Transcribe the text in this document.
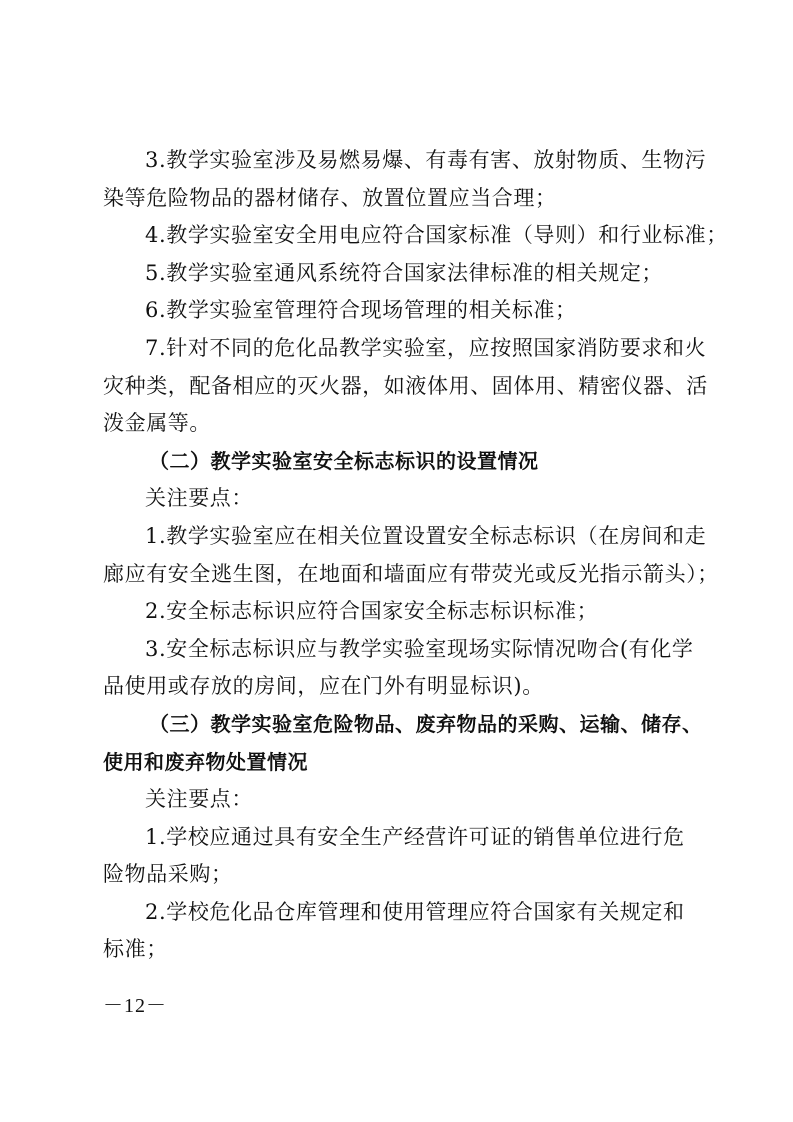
3.教学实验室涉及易燃易爆、有毒有害、放射物质、生物污
染等危险物品的器材储存、放置位置应当合理；
4.教学实验室安全用电应符合国家标准（导则）和行业标准；
5.教学实验室通风系统符合国家法律标准的相关规定；
6.教学实验室管理符合现场管理的相关标准；
7.针对不同的危化品教学实验室，应按照国家消防要求和火
灾种类，配备相应的灭火器，如液体用、固体用、精密仪器、活
泼金属等。
（二）教学实验室安全标志标识的设置情况
关注要点：
1.教学实验室应在相关位置设置安全标志标识（在房间和走
廊应有安全逃生图，在地面和墙面应有带荧光或反光指示箭头）；
2.安全标志标识应符合国家安全标志标识标准；
3.安全标志标识应与教学实验室现场实际情况吻合(有化学
品使用或存放的房间，应在门外有明显标识)。
（三）教学实验室危险物品、废弃物品的采购、运输、储存、
使用和废弃物处置情况
关注要点：
1.学校应通过具有安全生产经营许可证的销售单位进行危
险物品采购；
2.学校危化品仓库管理和使用管理应符合国家有关规定和
标准；
－12－
